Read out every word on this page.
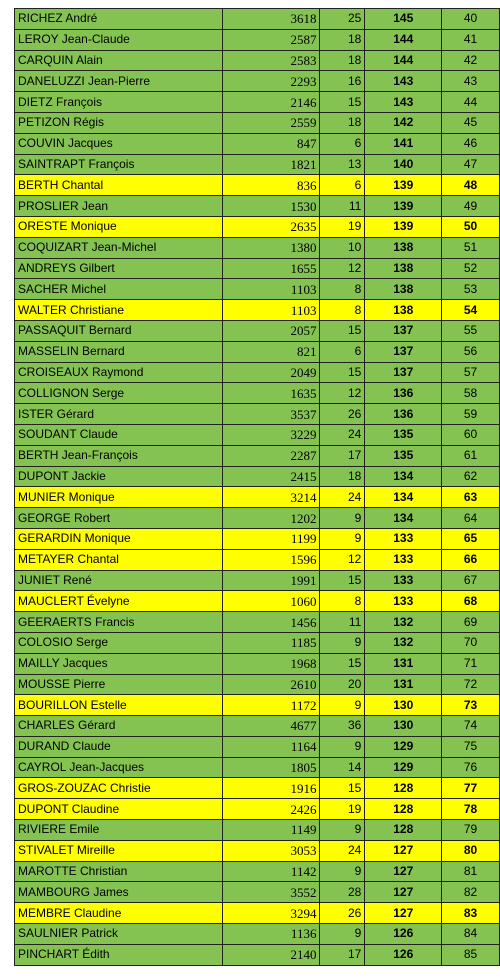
RICHEZ André	3618	25	145	40
LEROY Jean-Claude	2587	18	144	41
CARQUIN Alain	2583	18	144	42
DANELUZZI Jean-Pierre	2293	16	143	43
DIETZ François	2146	15	143	44
PETIZON Régis	2559	18	142	45
COUVIN Jacques	847	6	141	46
SAINTRAPT François	1821	13	140	47
BERTH Chantal	836	6	139	48
PROSLIER Jean	1530	11	139	49
ORESTE Monique	2635	19	139	50
COQUIZART Jean-Michel	1380	10	138	51
ANDREYS Gilbert	1655	12	138	52
SACHER Michel	1103	8	138	53
WALTER Christiane	1103	8	138	54
PASSAQUIT Bernard	2057	15	137	55
MASSELIN Bernard	821	6	137	56
CROISEAUX Raymond	2049	15	137	57
COLLIGNON Serge	1635	12	136	58
ISTER Gérard	3537	26	136	59
SOUDANT Claude	3229	24	135	60
BERTH Jean-François	2287	17	135	61
DUPONT Jackie	2415	18	134	62
MUNIER Monique	3214	24	134	63
GEORGE Robert	1202	9	134	64
GERARDIN Monique	1199	9	133	65
METAYER Chantal	1596	12	133	66
JUNIET René	1991	15	133	67
MAUCLERT Évelyne	1060	8	133	68
GEERAERTS Francis	1456	11	132	69
COLOSIO Serge	1185	9	132	70
MAILLY Jacques	1968	15	131	71
MOUSSE Pierre	2610	20	131	72
BOURILLON Estelle	1172	9	130	73
CHARLES Gérard	4677	36	130	74
DURAND Claude	1164	9	129	75
CAYROL Jean-Jacques	1805	14	129	76
GROS-ZOUZAC Christie	1916	15	128	77
DUPONT Claudine	2426	19	128	78
RIVIERE Emile	1149	9	128	79
STIVALET Mireille	3053	24	127	80
MAROTTE Christian	1142	9	127	81
MAMBOURG James	3552	28	127	82
MEMBRE Claudine	3294	26	127	83
SAULNIER Patrick	1136	9	126	84
PINCHART Édith	2140	17	126	85
